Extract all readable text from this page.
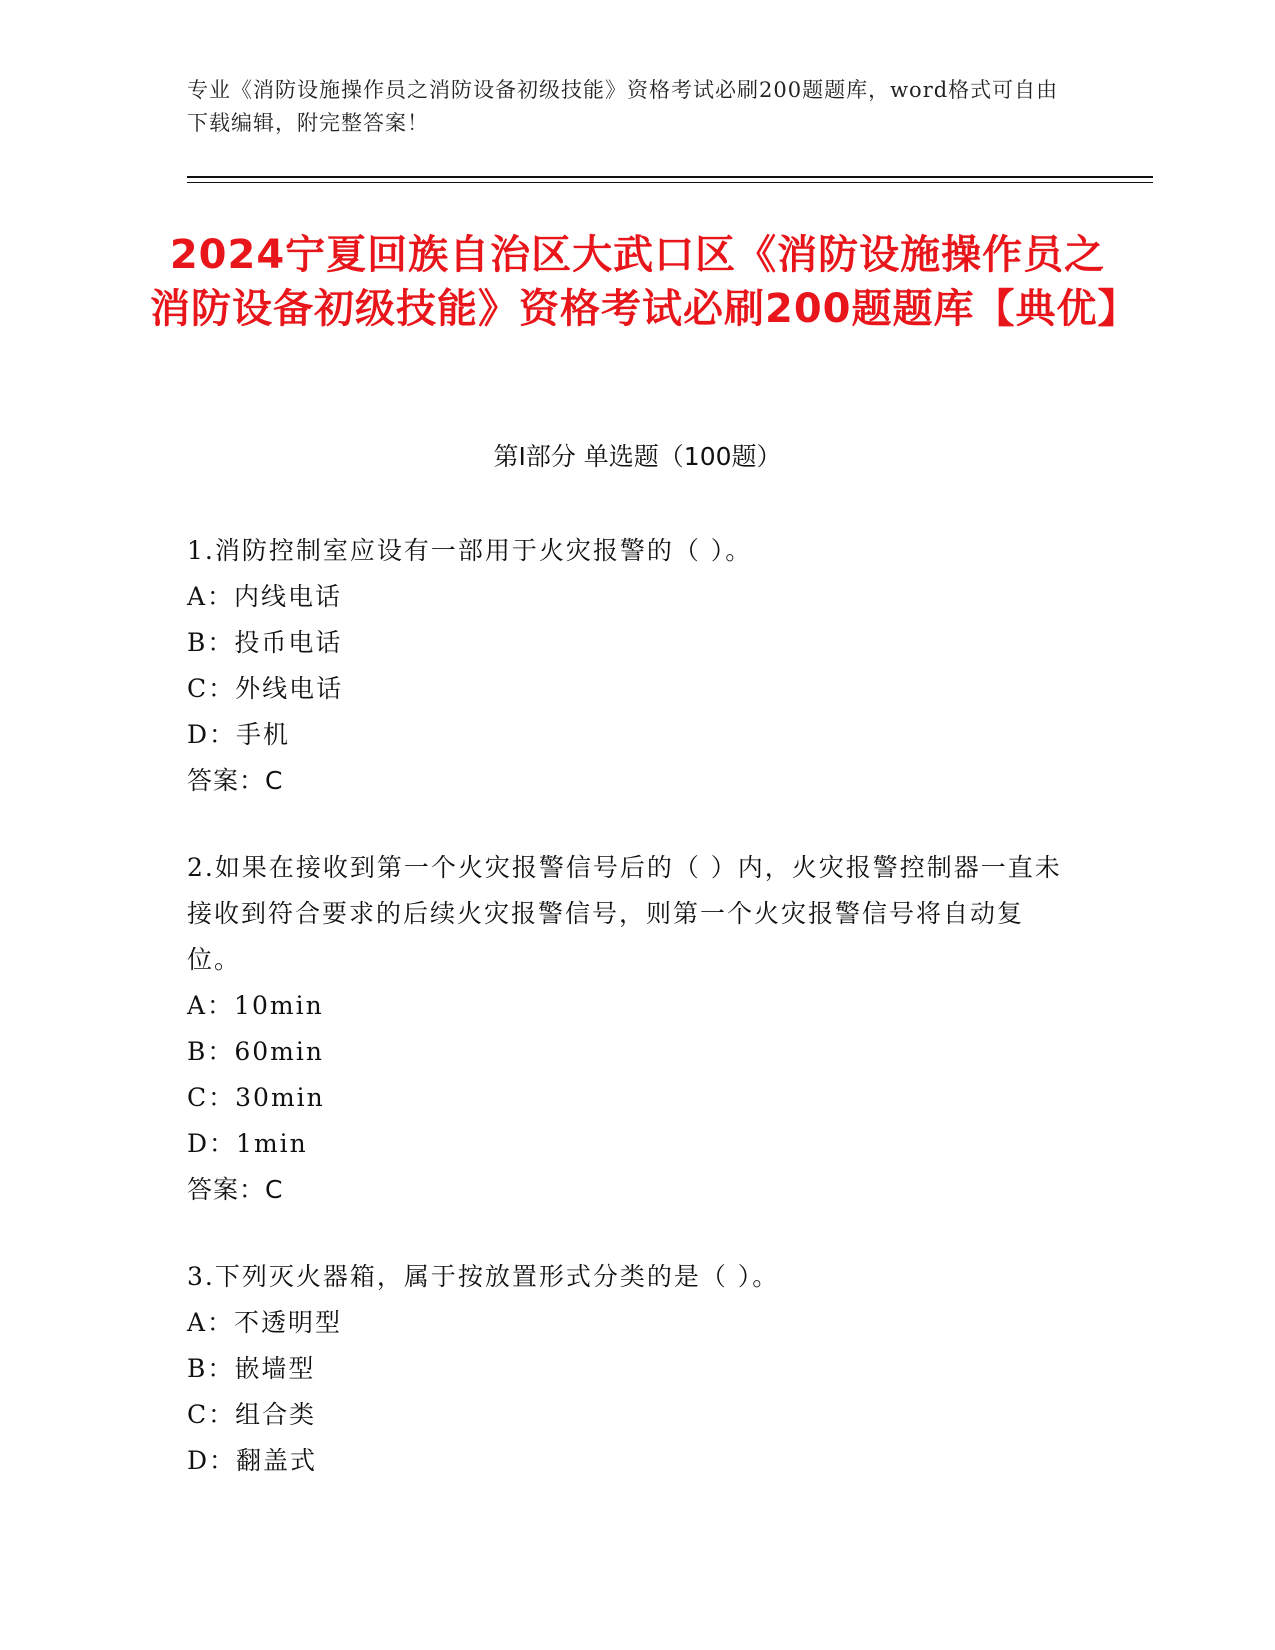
专业《消防设施操作员之消防设备初级技能》资格考试必刷200题题库，word格式可自由下载编辑，附完整答案！
2024宁夏回族自治区大武口区《消防设施操作员之消防设备初级技能》资格考试必刷200题题库【典优】
第I部分 单选题（100题）
1.消防控制室应设有一部用于火灾报警的（ ）。
A：内线电话
B：投币电话
C：外线电话
D：手机
答案：C
2.如果在接收到第一个火灾报警信号后的（ ）内，火灾报警控制器一直未接收到符合要求的后续火灾报警信号，则第一个火灾报警信号将自动复位。
A：10min
B：60min
C：30min
D：1min
答案：C
3.下列灭火器箱，属于按放置形式分类的是（ ）。
A：不透明型
B：嵌墙型
C：组合类
D：翻盖式
